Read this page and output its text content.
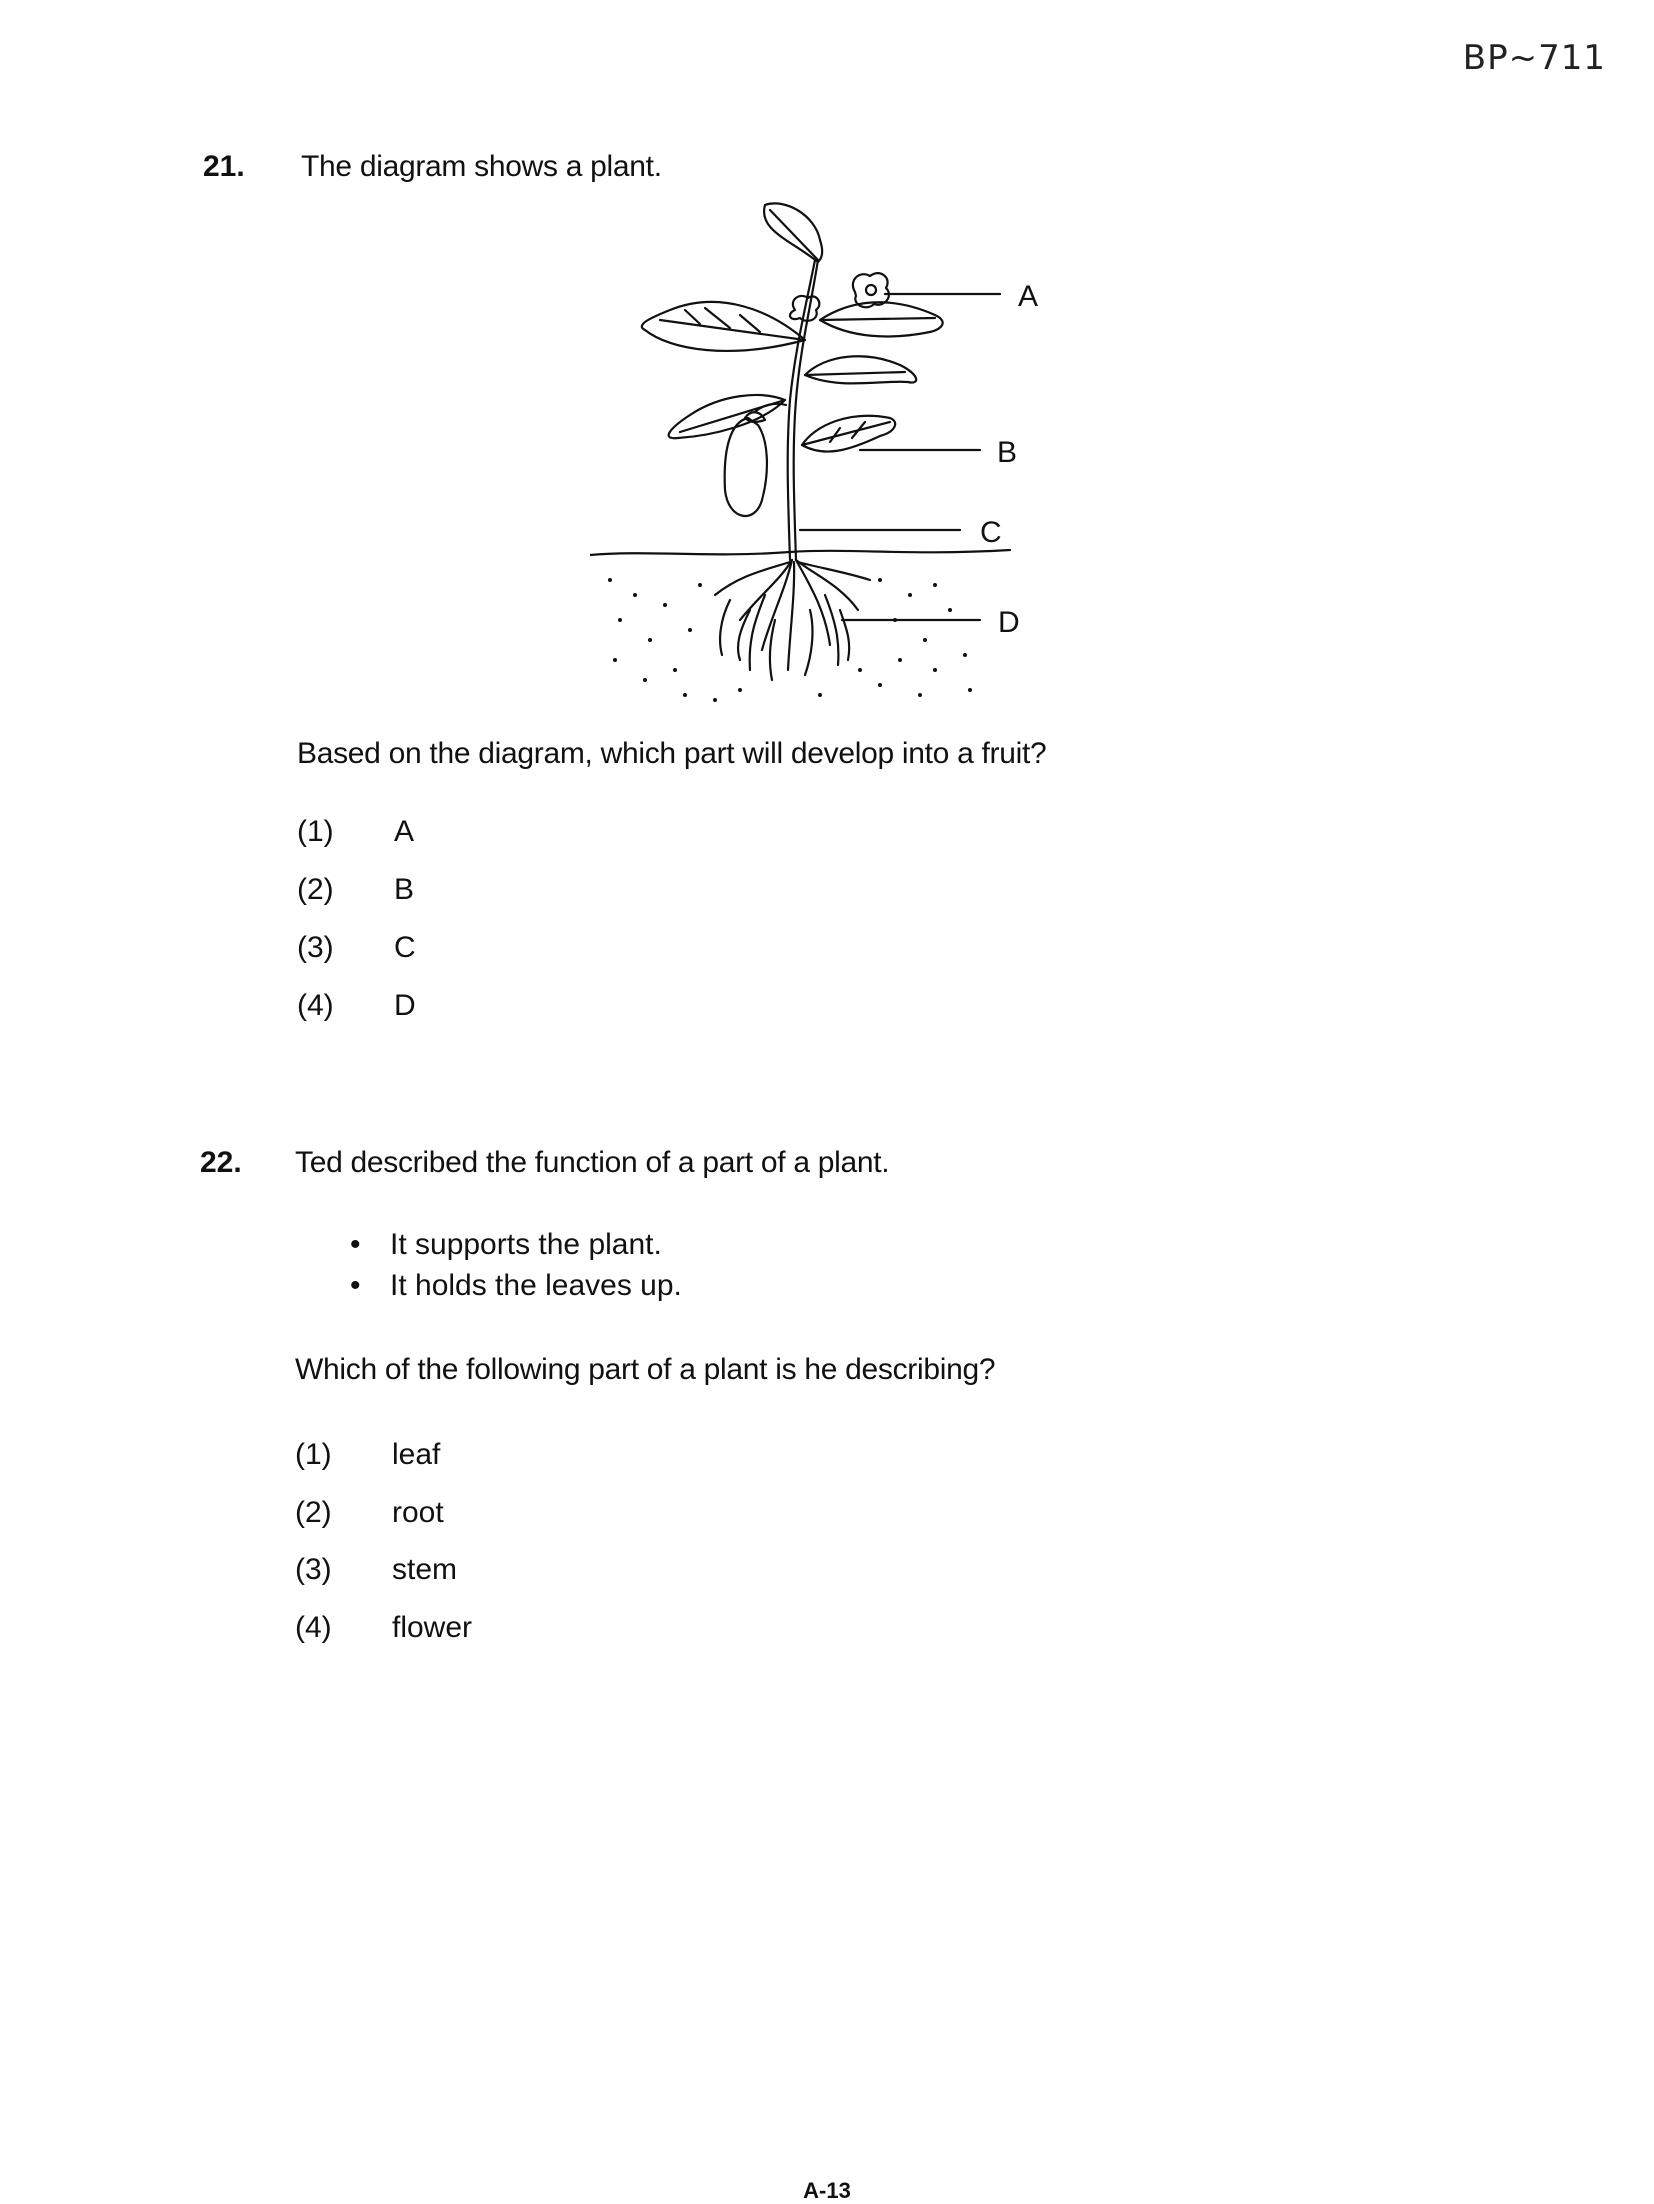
BP~711
21. The diagram shows a plant.
A
B
C
D
Based on the diagram, which part will develop into a fruit?
(1) A
(2) B
(3) C
(4) D
22. Ted described the function of a part of a plant.
• It supports the plant.
• It holds the leaves up.
Which of the following part of a plant is he describing?
(1) leaf
(2) root
(3) stem
(4) flower
A-13
